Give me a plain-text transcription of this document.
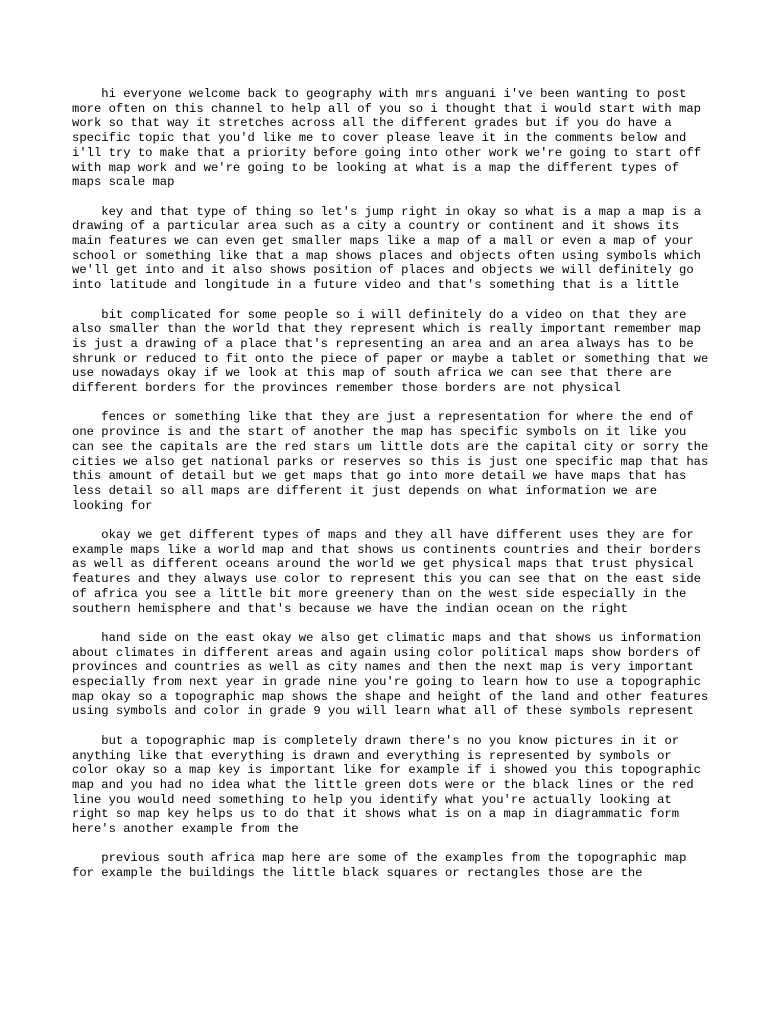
hi everyone welcome back to geography with mrs anguani i've been wanting to post more often on this channel to help all of you so i thought that i would start with map work so that way it stretches across all the different grades but if you do have a specific topic that you'd like me to cover please leave it in the comments below and i'll try to make that a priority before going into other work we're going to start off with map work and we're going to be looking at what is a map the different types of maps scale map

key and that type of thing so let's jump right in okay so what is a map a map is a drawing of a particular area such as a city a country or continent and it shows its main features we can even get smaller maps like a map of a mall or even a map of your school or something like that a map shows places and objects often using symbols which we'll get into and it also shows position of places and objects we will definitely go into latitude and longitude in a future video and that's something that is a little

bit complicated for some people so i will definitely do a video on that they are also smaller than the world that they represent which is really important remember map is just a drawing of a place that's representing an area and an area always has to be shrunk or reduced to fit onto the piece of paper or maybe a tablet or something that we use nowadays okay if we look at this map of south africa we can see that there are different borders for the provinces remember those borders are not physical

fences or something like that they are just a representation for where the end of one province is and the start of another the map has specific symbols on it like you can see the capitals are the red stars um little dots are the capital city or sorry the cities we also get national parks or reserves so this is just one specific map that has this amount of detail but we get maps that go into more detail we have maps that has less detail so all maps are different it just depends on what information we are looking for

okay we get different types of maps and they all have different uses they are for example maps like a world map and that shows us continents countries and their borders as well as different oceans around the world we get physical maps that trust physical features and they always use color to represent this you can see that on the east side of africa you see a little bit more greenery than on the west side especially in the southern hemisphere and that's because we have the indian ocean on the right

hand side on the east okay we also get climatic maps and that shows us information about climates in different areas and again using color political maps show borders of provinces and countries as well as city names and then the next map is very important especially from next year in grade nine you're going to learn how to use a topographic map okay so a topographic map shows the shape and height of the land and other features using symbols and color in grade 9 you will learn what all of these symbols represent

but a topographic map is completely drawn there's no you know pictures in it or anything like that everything is drawn and everything is represented by symbols or color okay so a map key is important like for example if i showed you this topographic map and you had no idea what the little green dots were or the black lines or the red line you would need something to help you identify what you're actually looking at right so map key helps us to do that it shows what is on a map in diagrammatic form here's another example from the

previous south africa map here are some of the examples from the topographic map for example the buildings the little black squares or rectangles those are the
